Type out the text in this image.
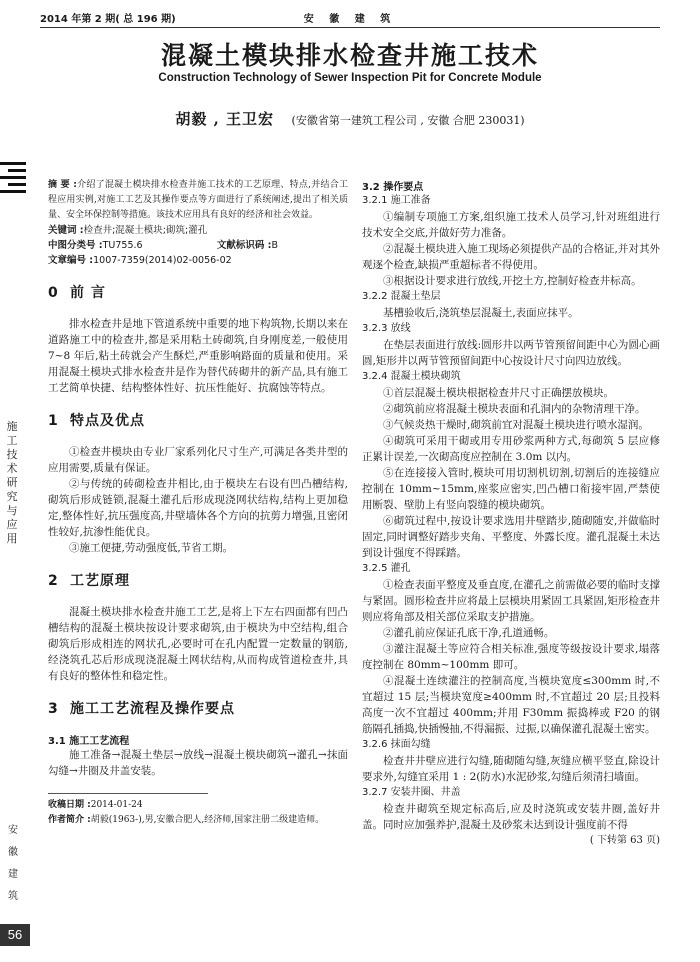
2014 年第 2 期( 总 196 期)	安 徽 建 筑
混凝土模块排水检查井施工技术
Construction Technology of Sewer Inspection Pit for Concrete Module
胡毅 , 王卫宏 (安徽省第一建筑工程公司 , 安徽 合肥 230031)
施
工
技
术
研
究
与
应
用
安
徽
建
筑
56
摘 要 :介绍了混凝土模块排水检查井施工技术的工艺原理、特点,并结合工程应用实例,对施工工艺及其操作要点等方面进行了系统阐述,提出了相关质量、安全环保控制等措施。该技术应用具有良好的经济和社会效益。
关键词 :检查井;混凝土模块;砌筑;灌孔
中图分类号 :TU755.6	文献标识码 :B
文章编号 :1007-7359(2014)02-0056-02
0 前 言
排水检查井是地下管道系统中重要的地下构筑物,长期以来在道路施工中的检查井,都是采用粘土砖砌筑,自身刚度差,一般使用 7~8 年后,粘土砖就会产生酥烂,严重影响路面的质量和使用。采用混凝土模块式排水检查井是作为替代砖砌井的新产品,具有施工工艺简单快捷、结构整体性好、抗压性能好、抗腐蚀等特点。
1 特点及优点
①检查井模块由专业厂家系列化尺寸生产,可满足各类井型的应用需要,质量有保证。
②与传统的砖砌检查井相比,由于模块左右设有凹凸槽结构,砌筑后形成链锁,混凝土灌孔后形成现浇网状结构,结构上更加稳定,整体性好,抗压强度高,井壁墙体各个方向的抗剪力增强,且密闭性较好,抗渗性能优良。
③施工便捷,劳动强度低,节省工期。
2 工艺原理
混凝土模块排水检查井施工工艺,是将上下左右四面都有凹凸槽结构的混凝土模块按设计要求砌筑,由于模块为中空结构,组合砌筑后形成相连的网状孔,必要时可在孔内配置一定数量的钢筋,经浇筑孔芯后形成现浇混凝土网状结构,从而构成管道检查井,具有良好的整体性和稳定性。
3 施工工艺流程及操作要点
3.1 施工工艺流程
施工准备→混凝土垫层→放线→混凝土模块砌筑→灌孔→抹面勾缝→井圈及井盖安装。
收稿日期 :2014-01-24
作者简介 :胡毅(1963-),男,安徽合肥人,经济师,国家注册二级建造师。
3.2 操作要点
3.2.1 施工准备
①编制专项施工方案,组织施工技术人员学习,针对班组进行技术安全交底,并做好劳力准备。
②混凝土模块进入施工现场必须提供产品的合格证,并对其外观逐个检查,缺损严重超标者不得使用。
③根据设计要求进行放线,开挖土方,控制好检查井标高。
3.2.2 混凝土垫层
基槽验收后,浇筑垫层混凝土,表面应抹平。
3.2.3 放线
在垫层表面进行放线:圆形井以两节管预留间距中心为圆心画圆,矩形井以两节管预留间距中心按设计尺寸向四边放线。
3.2.4 混凝土模块砌筑
①首层混凝土模块根据检查井尺寸正确摆放模块。
②砌筑前应将混凝土模块表面和孔洞内的杂物清理干净。
③气候炎热干燥时,砌筑前宜对混凝土模块进行喷水湿润。
④砌筑可采用干砌或用专用砂浆两种方式,每砌筑 5 层应修正累计误差,一次砌高度应控制在 3.0m 以内。
⑤在连接接入管时,模块可用切割机切割,切割后的连接缝应控制在 10mm~15mm,座浆应密实,凹凸槽口衔接牢固,严禁使用断裂、壁肋上有竖向裂缝的模块砌筑。
⑥砌筑过程中,按设计要求选用井壁踏步,随砌随安,并做临时固定,同时调整好踏步夹角、平整度、外露长度。灌孔混凝土未达到设计强度不得踩踏。
3.2.5 灌孔
①检查表面平整度及垂直度,在灌孔之前需做必要的临时支撑与紧固。圆形检查井应将最上层模块用紧固工具紧固,矩形检查井则应将角部及相关部位采取支护措施。
②灌孔前应保证孔底干净,孔道通畅。
③灌注混凝土等应符合相关标准,强度等级按设计要求,塌落度控制在 80mm~100mm 即可。
④混凝土连续灌注的控制高度,当模块宽度≤300mm 时,不宜超过 15 层;当模块宽度≥400mm 时,不宜超过 20 层;且投料高度一次不宜超过 400mm;并用 F30mm 振捣棒或 F20 的钢筋隔孔插捣,快插慢抽,不得漏振、过振,以确保灌孔混凝土密实。
3.2.6 抹面勾缝
检查井井壁应进行勾缝,随砌随勾缝,灰缝应横平竖直,除设计要求外,勾缝宜采用 1 : 2(防水)水泥砂浆,勾缝后须清扫墙面。
3.2.7 安装井圈、井盖
检查井砌筑至规定标高后,应及时浇筑或安装井圈,盖好井盖。同时应加强养护,混凝土及砂浆未达到设计强度前不得
( 下转第 63 页)
